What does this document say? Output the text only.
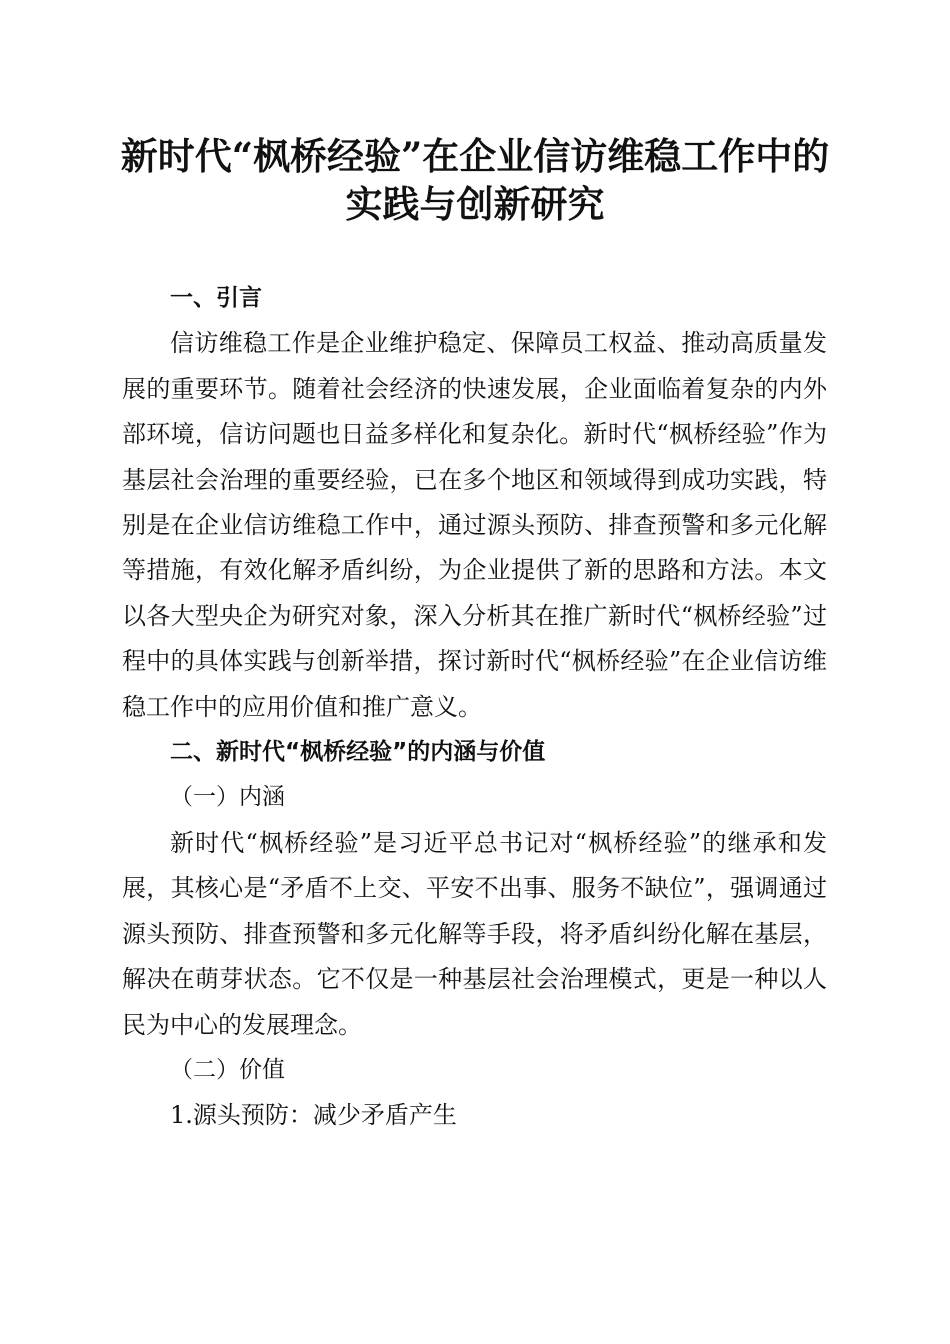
新时代“枫桥经验”在企业信访维稳工作中的
实践与创新研究

一、引言

信访维稳工作是企业维护稳定、保障员工权益、推动高质量发展的重要环节。随着社会经济的快速发展，企业面临着复杂的内外部环境，信访问题也日益多样化和复杂化。新时代“枫桥经验”作为基层社会治理的重要经验，已在多个地区和领域得到成功实践，特别是在企业信访维稳工作中，通过源头预防、排查预警和多元化解等措施，有效化解矛盾纠纷，为企业提供了新的思路和方法。本文以各大型央企为研究对象，深入分析其在推广新时代“枫桥经验”过程中的具体实践与创新举措，探讨新时代“枫桥经验”在企业信访维稳工作中的应用价值和推广意义。

二、新时代“枫桥经验”的内涵与价值

（一）内涵

新时代“枫桥经验”是习近平总书记对“枫桥经验”的继承和发展，其核心是“矛盾不上交、平安不出事、服务不缺位”，强调通过源头预防、排查预警和多元化解等手段，将矛盾纠纷化解在基层，解决在萌芽状态。它不仅是一种基层社会治理模式，更是一种以人民为中心的发展理念。

（二）价值

1.源头预防：减少矛盾产生
